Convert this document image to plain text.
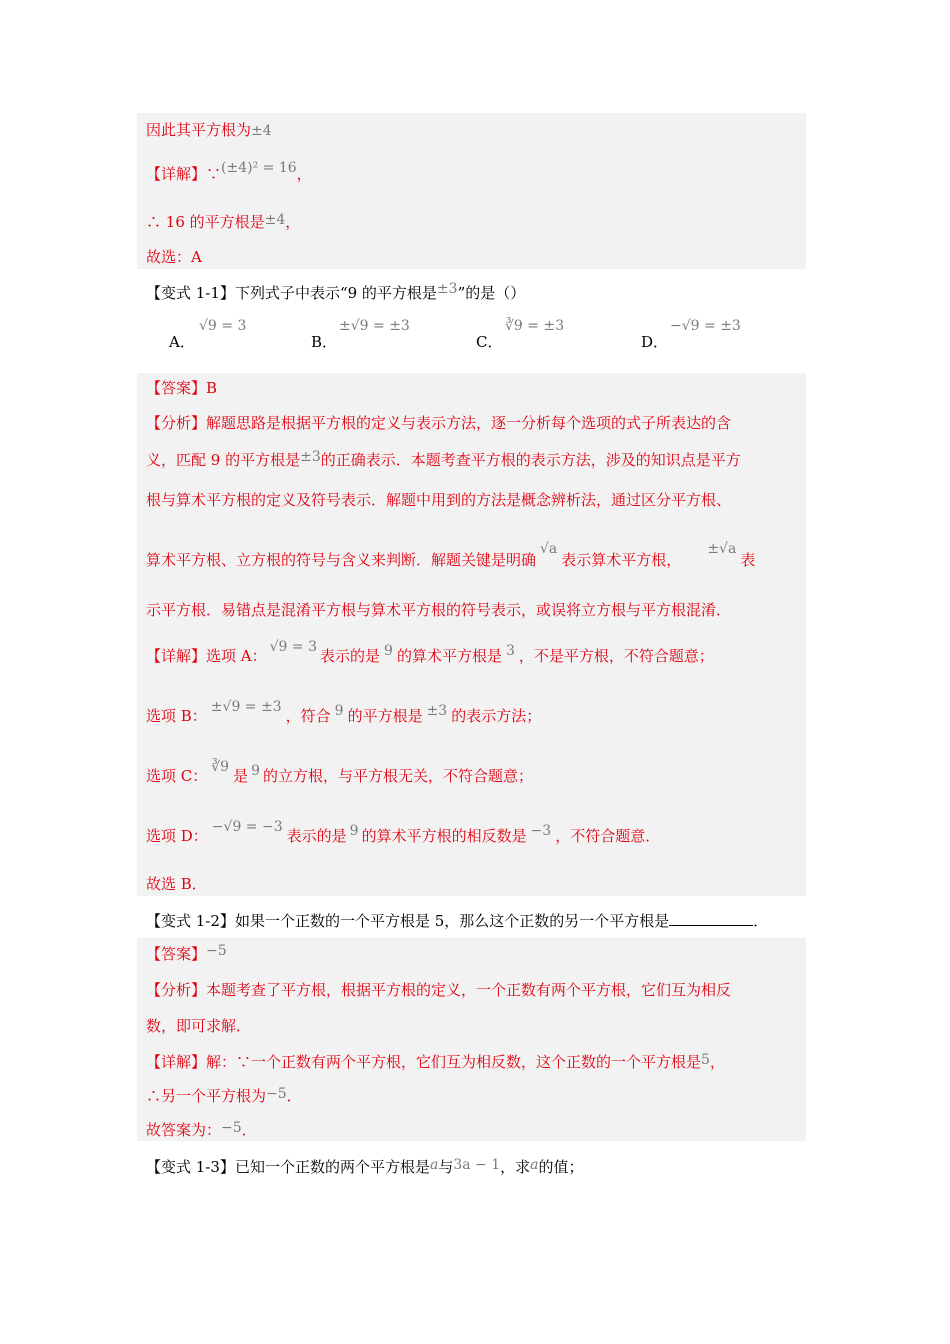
因此其平方根为±4
【详解】∵(±4)² = 16，
∴ 16 的平方根是±4，
故选：A
【变式 1-1】下列式子中表示“9 的平方根是±3”的是（）
A．
√9 = 3
B．
±√9 = ±3
C．
∛9 = ±3
D．
−√9 = ±3
【答案】B
【分析】解题思路是根据平方根的定义与表示方法，逐一分析每个选项的式子所表达的含
义，匹配 9 的平方根是±3的正确表示．本题考查平方根的表示方法，涉及的知识点是平方
根与算术平方根的定义及符号表示．解题中用到的方法是概念辨析法，通过区分平方根、
算术平方根、立方根的符号与含义来判断．解题关键是明确√a表示算术平方根，±√a表
示平方根．易错点是混淆平方根与算术平方根的符号表示，或误将立方根与平方根混淆．
【详解】选项 A： √9 = 3 表示的是 9 的算术平方根是 3 ，不是平方根，不符合题意；
选项 B： ±√9 = ±3 ，符合 9 的平方根是 ±3 的表示方法；
选项 C： ∛9 是 9 的立方根，与平方根无关，不符合题意；
选项 D： −√9 = −3 表示的是 9 的算术平方根的相反数是 −3 ，不符合题意．
故选 B．
【变式 1-2】如果一个正数的一个平方根是 5，那么这个正数的另一个平方根是	．
【答案】−5
【分析】本题考查了平方根，根据平方根的定义，一个正数有两个平方根，它们互为相反
数，即可求解．
【详解】解：∵一个正数有两个平方根，它们互为相反数，这个正数的一个平方根是5，
∴另一个平方根为−5．
故答案为：−5．
【变式 1-3】已知一个正数的两个平方根是a与3a − 1，求a的值；
